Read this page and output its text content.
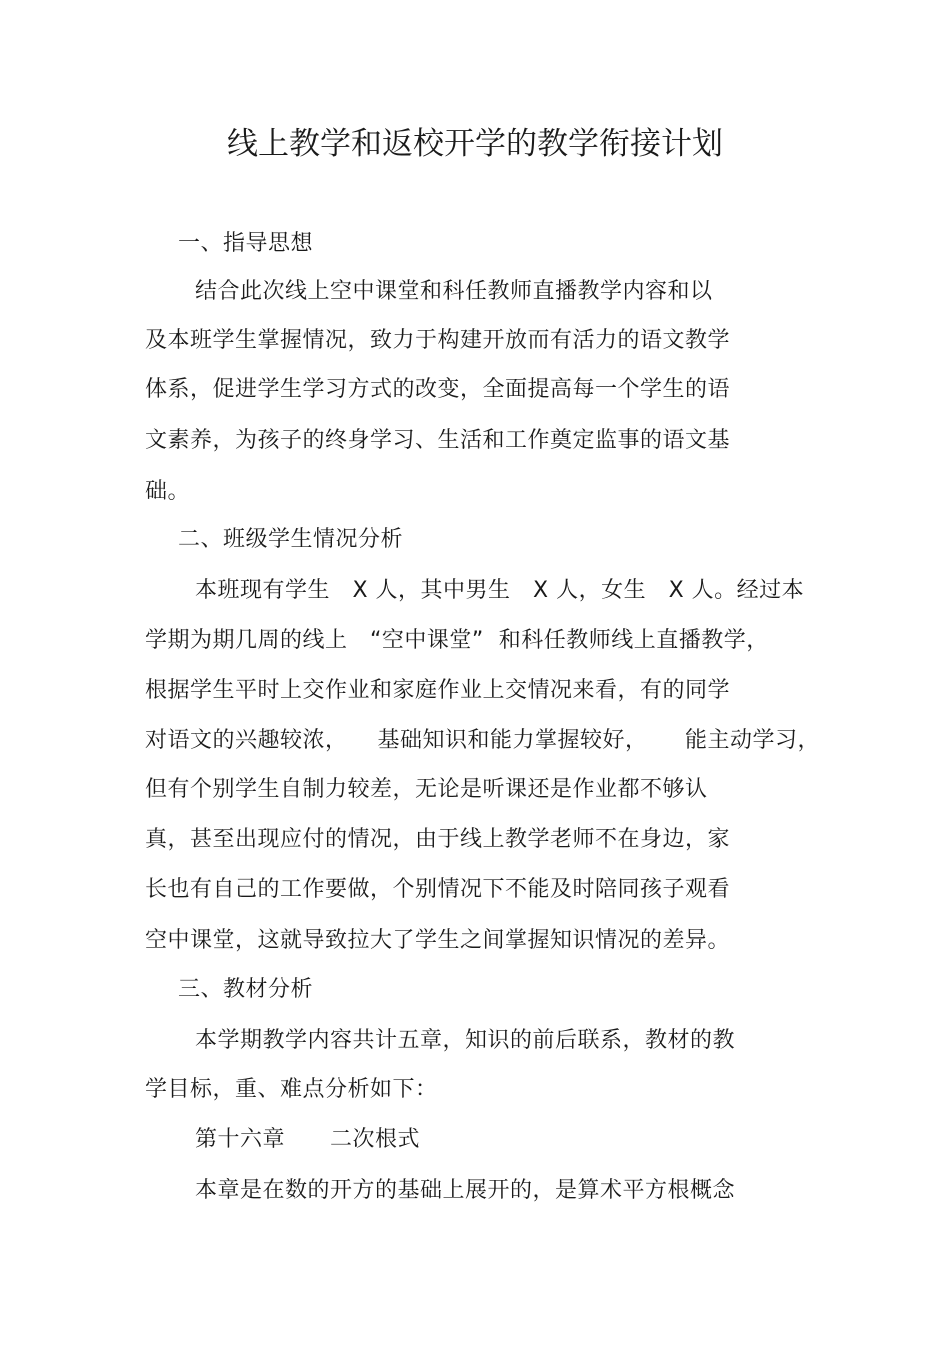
线上教学和返校开学的教学衔接计划
一、指导思想
结合此次线上空中课堂和科任教师直播教学内容和以
及本班学生掌握情况，致力于构建开放而有活力的语文教学
体系，促进学生学习方式的改变，全面提高每一个学生的语
文素养，为孩子的终身学习、生活和工作奠定监事的语文基
础。
二、班级学生情况分析
本班现有学生   X 人，其中男生   X 人，女生   X 人。经过本
学期为期几周的线上   “空中课堂”  和科任教师线上直播教学，
根据学生平时上交作业和家庭作业上交情况来看，有的同学
对语文的兴趣较浓，    基础知识和能力掌握较好，     能主动学习，
但有个别学生自制力较差，无论是听课还是作业都不够认
真，甚至出现应付的情况，由于线上教学老师不在身边，家
长也有自己的工作要做，个别情况下不能及时陪同孩子观看
空中课堂，这就导致拉大了学生之间掌握知识情况的差异。
三、教材分析
本学期教学内容共计五章，知识的前后联系，教材的教
学目标，重、难点分析如下：
第十六章      二次根式
本章是在数的开方的基础上展开的，是算术平方根概念
